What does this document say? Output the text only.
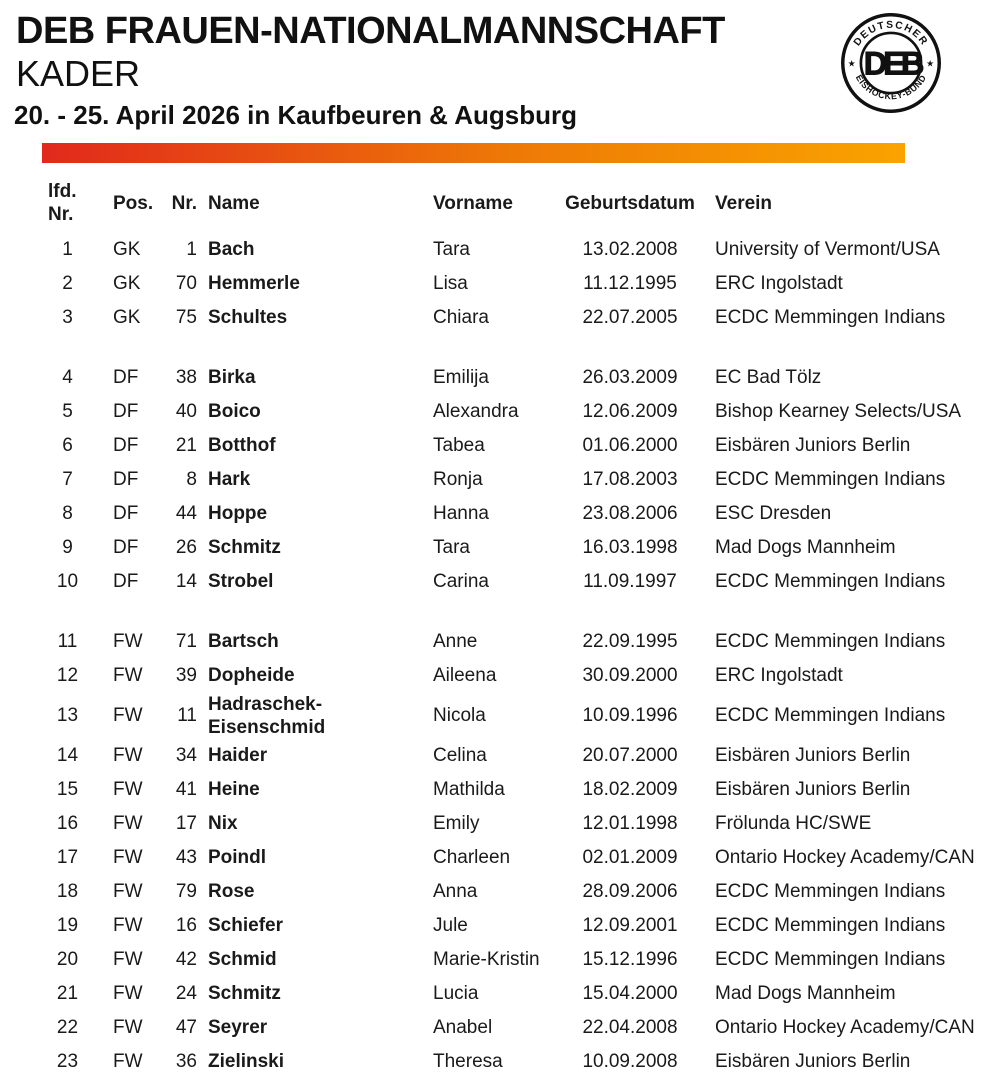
DEB FRAUEN-NATIONALMANNSCHAFT
KADER
20. - 25. April 2026 in Kaufbeuren & Augsburg
DEUTSCHER
EISHOCKEY-BUND
★	★
DEB
lfd.
Nr.	Pos.	Nr.	Name	Vorname	Geburtsdatum	Verein
1	GK	1	Bach	Tara	13.02.2008	University of Vermont/USA
2	GK	70	Hemmerle	Lisa	11.12.1995	ERC Ingolstadt
3	GK	75	Schultes	Chiara	22.07.2005	ECDC Memmingen Indians

4	DF	38	Birka	Emilija	26.03.2009	EC Bad Tölz
5	DF	40	Boico	Alexandra	12.06.2009	Bishop Kearney Selects/USA
6	DF	21	Botthof	Tabea	01.06.2000	Eisbären Juniors Berlin
7	DF	8	Hark	Ronja	17.08.2003	ECDC Memmingen Indians
8	DF	44	Hoppe	Hanna	23.08.2006	ESC Dresden
9	DF	26	Schmitz	Tara	16.03.1998	Mad Dogs Mannheim
10	DF	14	Strobel	Carina	11.09.1997	ECDC Memmingen Indians

11	FW	71	Bartsch	Anne	22.09.1995	ECDC Memmingen Indians
12	FW	39	Dopheide	Aileena	30.09.2000	ERC Ingolstadt
13	FW	11	Hadraschek-Eisenschmid	Nicola	10.09.1996	ECDC Memmingen Indians
14	FW	34	Haider	Celina	20.07.2000	Eisbären Juniors Berlin
15	FW	41	Heine	Mathilda	18.02.2009	Eisbären Juniors Berlin
16	FW	17	Nix	Emily	12.01.1998	Frölunda HC/SWE
17	FW	43	Poindl	Charleen	02.01.2009	Ontario Hockey Academy/CAN
18	FW	79	Rose	Anna	28.09.2006	ECDC Memmingen Indians
19	FW	16	Schiefer	Jule	12.09.2001	ECDC Memmingen Indians
20	FW	42	Schmid	Marie-Kristin	15.12.1996	ECDC Memmingen Indians
21	FW	24	Schmitz	Lucia	15.04.2000	Mad Dogs Mannheim
22	FW	47	Seyrer	Anabel	22.04.2008	Ontario Hockey Academy/CAN
23	FW	36	Zielinski	Theresa	10.09.2008	Eisbären Juniors Berlin
